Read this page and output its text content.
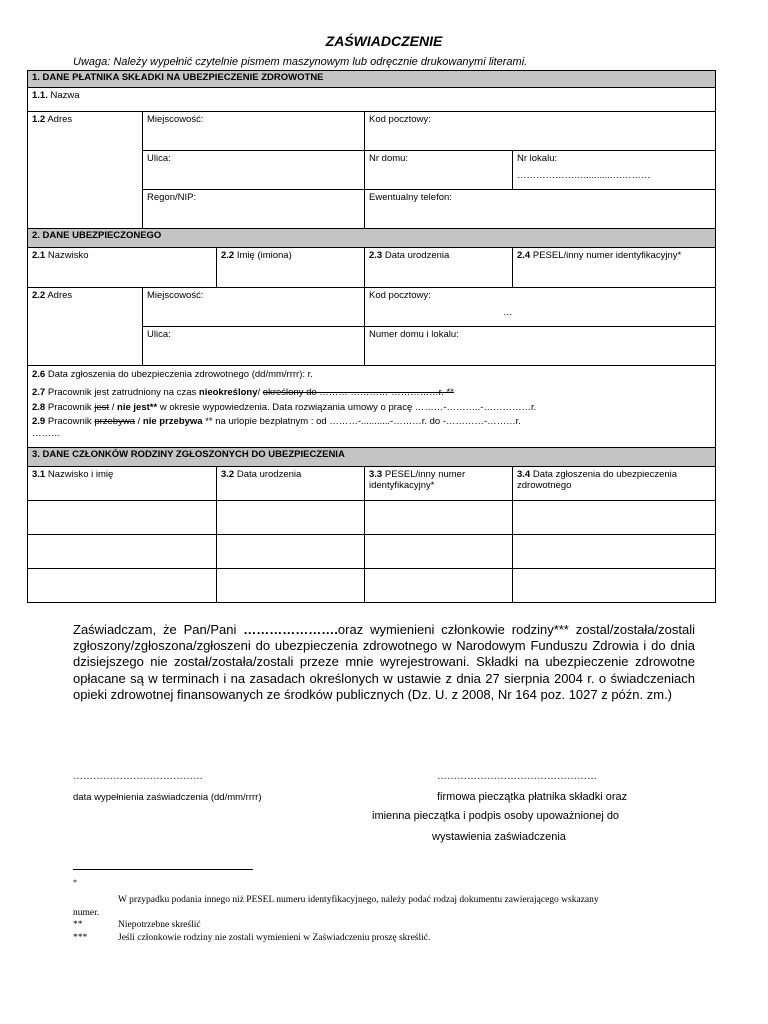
ZAŚWIADCZENIE
Uwaga: Należy wypełnić czytelnie pismem maszynowym lub odręcznie drukowanymi literami.
1. DANE PŁATNIKA SKŁADKI NA UBEZPIECZENIE ZDROWOTNE				
1.1. Nazwa				
1.2 Adres	Miejscowość:		Kod pocztowy:	
	Ulica:		Nr domu:	Nr lokalu:
…………………...........…………

	Regon/NIP:		Ewentualny telefon:	
2. DANE UBEZPIECZONEGO				
2.1 Nazwisko		2.2 Imię (imiona)	2.3 Data urodzenia	2.4 PESEL/inny numer identyfikacyjny*
2.2 Adres	Miejscowość:		Kod pocztowy:
…	

	Ulica:		Numer domu i lokalu:	

2.6 Data zgłoszenia do ubezpieczenia zdrowotnego (dd/mm/rrrr): r.
2.7 Pracownik jest zatrudniony na czas nieokreślony/ określony do ……… ………… ……………r. **
2.8 Pracownik jest / nie jest** w okresie wypowiedzenia. Data rozwiązania umowy o pracę ………-………..-……………r.
2.9 Pracownik przebywa / nie przebywa ** na urlopie bezpłatnym : od ………-...........-………r. do -…………-………r.
………				

3. DANE CZŁONKÓW RODZINY ZGŁOSZONYCH DO UBEZPIECZENIA				
3.1 Nazwisko i imię		3.2 Data urodzenia	3.3 PESEL/inny numer identyfikacyjny*	3.4 Data zgłoszenia do ubezpieczenia zdrowotnego

Zaświadczam, że Pan/Pani ………………….oraz wymienieni członkowie rodziny*** zostal/została/zostali zgłoszony/zgłoszona/zgłoszeni do ubezpieczenia zdrowotnego w Narodowym Funduszu Zdrowia i do dnia dzisiejszego nie został/została/zostali przeze mnie wyrejestrowani. Składki na ubezpieczenie zdrowotne opłacane są w terminach i na zasadach określonych w ustawie z dnia 27 sierpnia 2004 r. o świadczeniach opieki zdrowotnej finansowanych ze środków publicznych (Dz. U. z 2008, Nr 164 poz. 1027 z późn. zm.)
…………………………………
data wypełnienia zaświadczenia (dd/mm/rrrr)
…………………………………………
firmowa pieczątka płatnika składki oraz
imienna pieczątka i podpis osoby upoważnionej do
wystawienia zaświadczenia
*
W przypadku podania innego niż PESEL numeru identyfikacyjnego, należy podać rodzaj dokumentu zawierającego wskazany
numer.
**	Niepotrzebne skreślić
***	Jeśli członkowie rodziny nie zostali wymienieni w Zaświadczeniu proszę skreślić.
